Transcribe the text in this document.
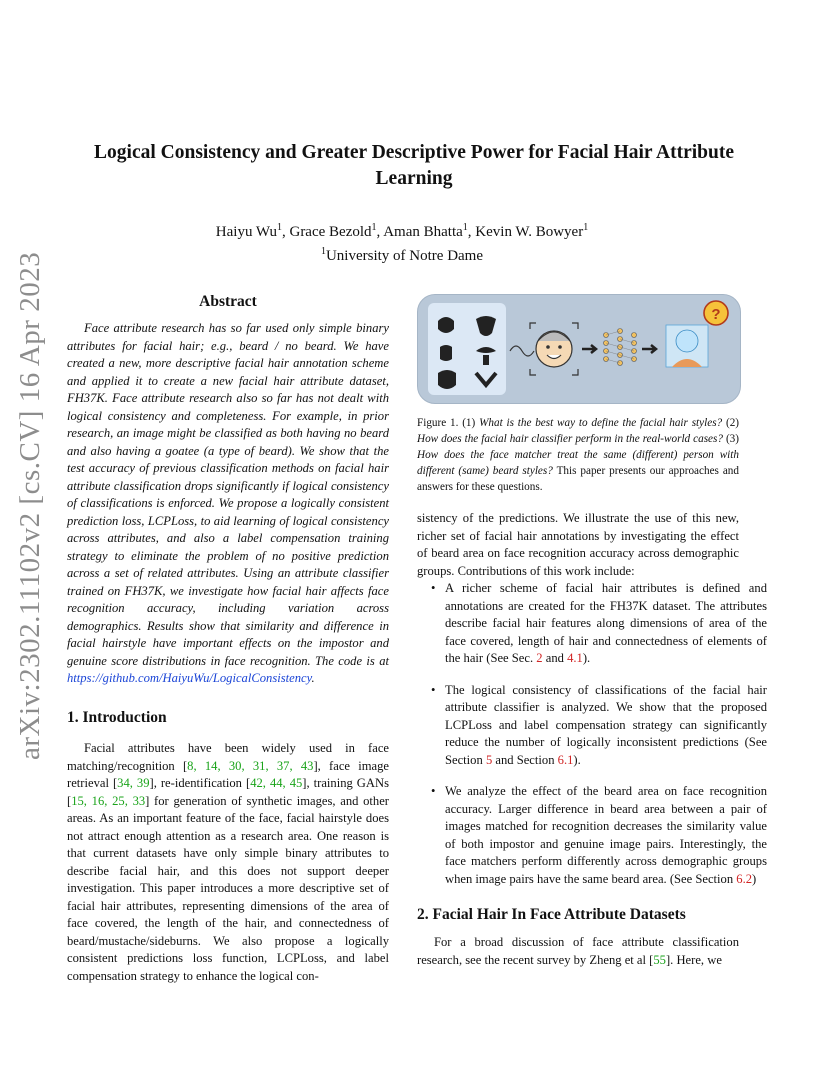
arXiv:2302.11102v2 [cs.CV] 16 Apr 2023
Logical Consistency and Greater Descriptive Power for Facial Hair Attribute Learning
Haiyu Wu$^1$, Grace Bezold$^1$, Aman Bhatta$^1$, Kevin W. Bowyer$^1$
$^1$University of Notre Dame
Abstract
Face attribute research has so far used only simple binary attributes for facial hair; e.g., beard / no beard. We have created a new, more descriptive facial hair annotation scheme and applied it to create a new facial hair attribute dataset, FH37K. Face attribute research also so far has not dealt with logical consistency and completeness. For example, in prior research, an image might be classified as both having no beard and also having a goatee (a type of beard). We show that the test accuracy of previous classification methods on facial hair attribute classification drops significantly if logical consistency of classifications is enforced. We propose a logically consistent prediction loss, LCPLoss, to aid learning of logical consistency across attributes, and also a label compensation training strategy to eliminate the problem of no positive prediction across a set of related attributes. Using an attribute classifier trained on FH37K, we investigate how facial hair affects face recognition accuracy, including variation across demographics. Results show that similarity and difference in facial hairstyle have important effects on the impostor and genuine score distributions in face recognition. The code is at https://github.com/HaiyuWu/LogicalConsistency.
1. Introduction
Facial attributes have been widely used in face matching/recognition [8, 14, 30, 31, 37, 43], face image retrieval [34, 39], re-identification [42, 44, 45], training GANs [15, 16, 25, 33] for generation of synthetic images, and other areas. As an important feature of the face, facial hairstyle does not attract enough attention as a research area. One reason is that current datasets have only simple binary attributes to describe facial hair, and this does not support deeper investigation. This paper introduces a more descriptive set of facial hair attributes, representing dimensions of the area of face covered, the length of the hair, and connectedness of beard/mustache/sideburns. We also propose a logically consistent predictions loss function, LCPLoss, and label compensation strategy to enhance the logical con-
?
Figure 1. (1) What is the best way to define the facial hair styles? (2) How does the facial hair classifier perform in the real-world cases? (3) How does the face matcher treat the same (different) person with different (same) beard styles? This paper presents our approaches and answers for these questions.
sistency of the predictions. We illustrate the use of this new, richer set of facial hair annotations by investigating the effect of beard area on face recognition accuracy across demographic groups. Contributions of this work include:
• A richer scheme of facial hair attributes is defined and annotations are created for the FH37K dataset. The attributes describe facial hair features along dimensions of area of the face covered, length of hair and connectedness of elements of the hair (See Sec. 2 and 4.1).
• The logical consistency of classifications of the facial hair attribute classifier is analyzed. We show that the proposed LCPLoss and label compensation strategy can significantly reduce the number of logically inconsistent predictions (See Section 5 and Section 6.1).
• We analyze the effect of the beard area on face recognition accuracy. Larger difference in beard area between a pair of images matched for recognition decreases the similarity value of both impostor and genuine image pairs. Interestingly, the face matchers perform differently across demographic groups when image pairs have the same beard area. (See Section 6.2)
2. Facial Hair In Face Attribute Datasets
For a broad discussion of face attribute classification research, see the recent survey by Zheng et al [55]. Here, we
